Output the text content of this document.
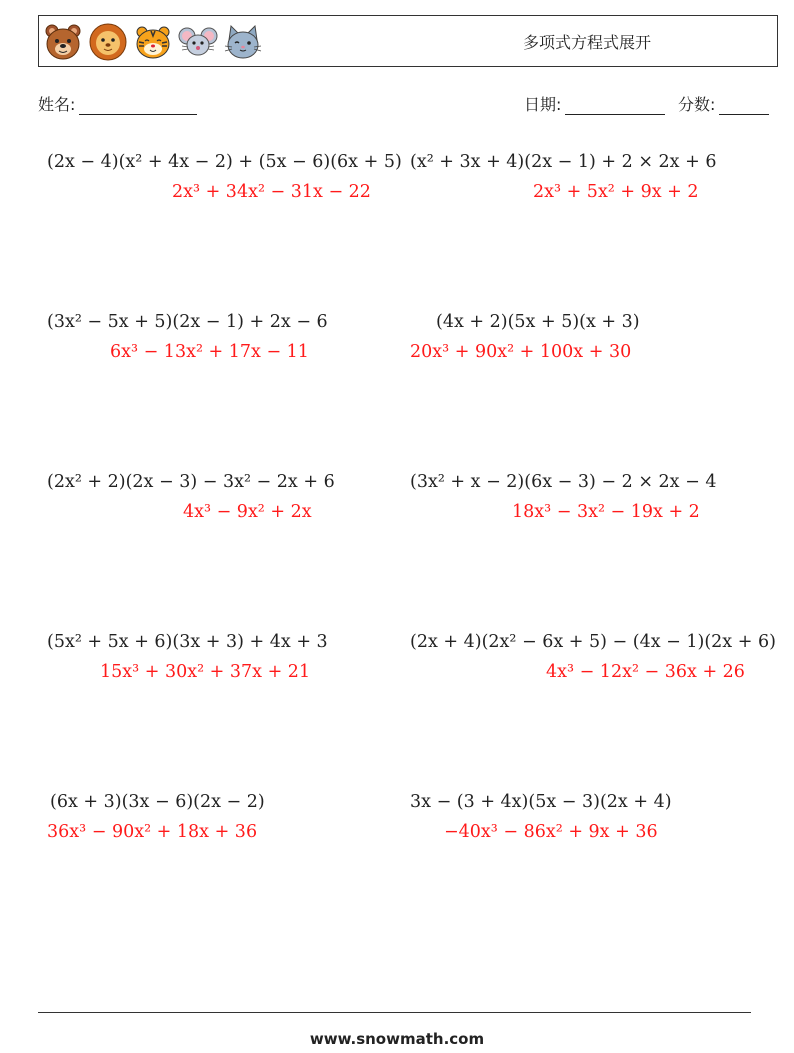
多项式方程式展开
姓名:	日期:	分数:
(2x − 4)(x² + 4x − 2) + (5x − 6)(6x + 5)
2x³ + 34x² − 31x − 22
(x² + 3x + 4)(2x − 1) + 2 × 2x + 6
2x³ + 5x² + 9x + 2
(3x² − 5x + 5)(2x − 1) + 2x − 6
6x³ − 13x² + 17x − 11
(4x + 2)(5x + 5)(x + 3)
20x³ + 90x² + 100x + 30
(2x² + 2)(2x − 3) − 3x² − 2x + 6
4x³ − 9x² + 2x
(3x² + x − 2)(6x − 3) − 2 × 2x − 4
18x³ − 3x² − 19x + 2
(5x² + 5x + 6)(3x + 3) + 4x + 3
15x³ + 30x² + 37x + 21
(2x + 4)(2x² − 6x + 5) − (4x − 1)(2x + 6)
4x³ − 12x² − 36x + 26
(6x + 3)(3x − 6)(2x − 2)
36x³ − 90x² + 18x + 36
3x − (3 + 4x)(5x − 3)(2x + 4)
−40x³ − 86x² + 9x + 36
www.snowmath.com
